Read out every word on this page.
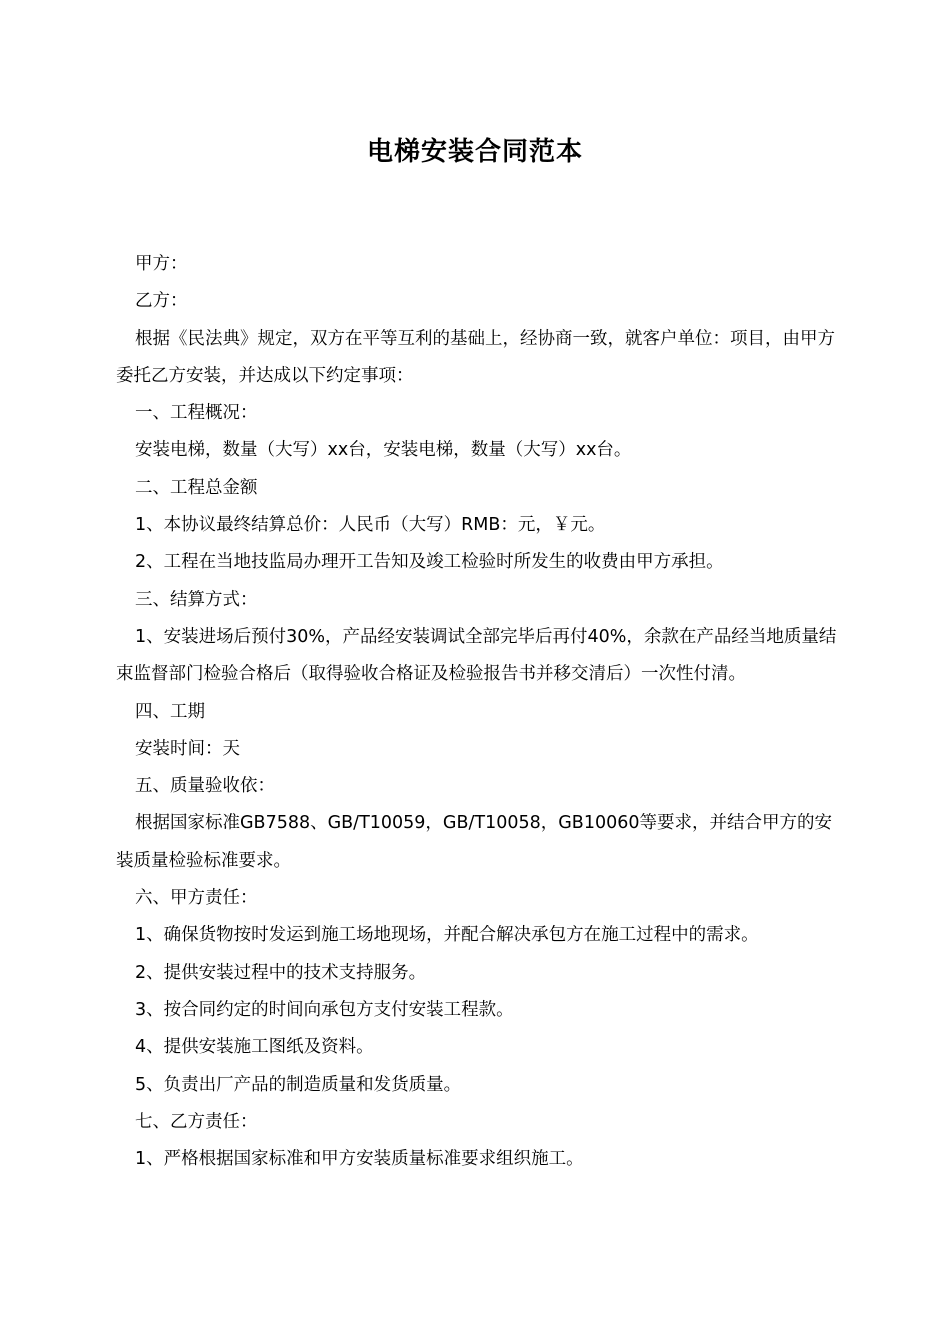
电梯安装合同范本

甲方：

乙方：

根据《民法典》规定，双方在平等互利的基础上，经协商一致，就客户单位：项目，由甲方委托乙方安装，并达成以下约定事项：

一、工程概况：

安装电梯，数量（大写）xx台，安装电梯，数量（大写）xx台。

二、工程总金额

1、本协议最终结算总价：人民币（大写）RMB：元，￥元。

2、工程在当地技监局办理开工告知及竣工检验时所发生的收费由甲方承担。

三、结算方式：

1、安装进场后预付30%，产品经安装调试全部完毕后再付40%，余款在产品经当地质量结束监督部门检验合格后（取得验收合格证及检验报告书并移交清后）一次性付清。

四、工期

安装时间：天

五、质量验收依：

根据国家标准GB7588、GB/T10059，GB/T10058，GB10060等要求，并结合甲方的安装质量检验标准要求。

六、甲方责任：

1、确保货物按时发运到施工场地现场，并配合解决承包方在施工过程中的需求。

2、提供安装过程中的技术支持服务。

3、按合同约定的时间向承包方支付安装工程款。

4、提供安装施工图纸及资料。

5、负责出厂产品的制造质量和发货质量。

七、乙方责任：

1、严格根据国家标准和甲方安装质量标准要求组织施工。
